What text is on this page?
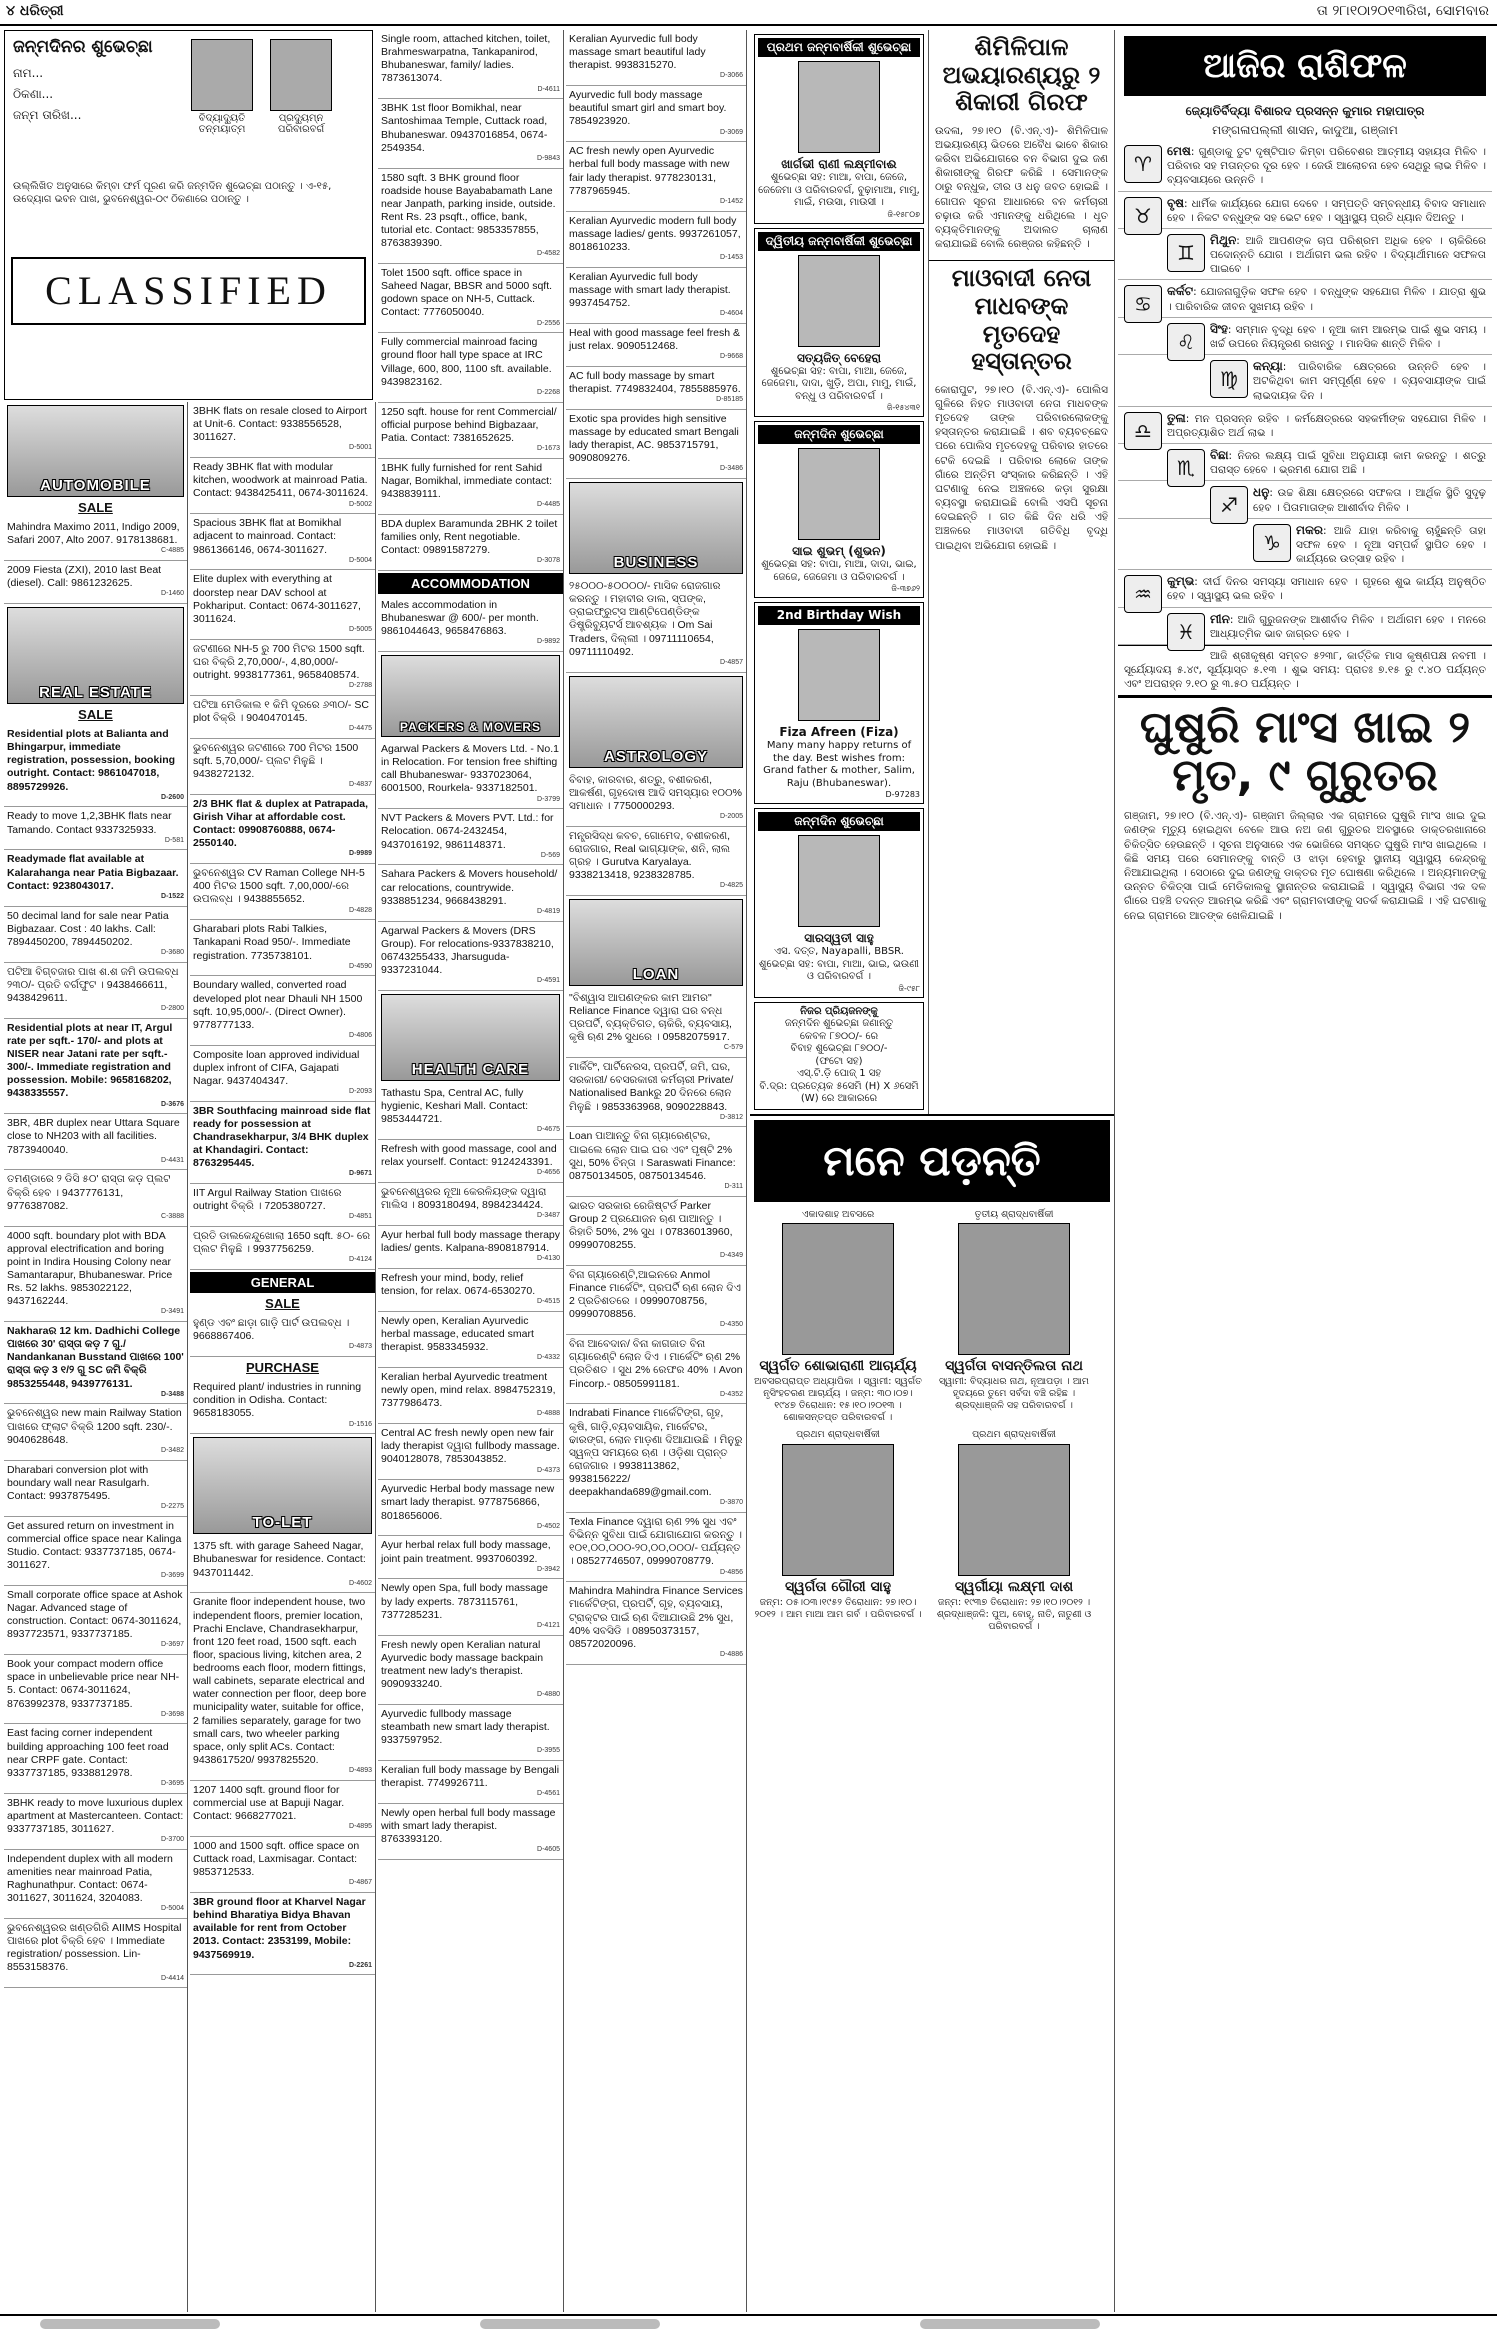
୪ ଧରିତ୍ରୀ	ତା ୨୮ା୧୦ା୨୦୧୩ରିଖ, ସୋମବାର
ଜନ୍ମଦିନର ଶୁଭେଚ୍ଛା
ନାମ...
ଠିକଣା...
ଜନ୍ମ ତାରିଖ...	ବିଦ୍ୟାଦ୍ୟୁତି
ତନ୍ମୟାତ୍ମ
ପ୍ରଦ୍ୟୁମ୍ନ
ପରିବାରବର୍ଗ
ଉଲ୍ଲିଖିତ ଅନୁସାରେ କିମ୍ବା ଫର୍ମ ପୂରଣ କରି ଜନ୍ମଦିନ ଶୁଭେଚ୍ଛା ପଠାନ୍ତୁ । ଏ-୧୫, ଉଦ୍ୟୋଗ ଭବନ ପାଖ, ଭୁବନେଶ୍ୱର-୦୯ ଠିକଣାରେ ପଠାନ୍ତୁ ।
CLASSIFIED
AUTOMOBILE
SALE
Mahindra Maximo 2011, Indigo 2009, Safari 2007, Alto 2007. 9178138681.
C-4885
2009 Fiesta (ZXI), 2010 last Beat (diesel). Call: 9861232625.
D-1460
REAL ESTATE
SALE
Residential plots at Balianta and Bhingarpur, immediate registration, possession, booking outright. Contact: 9861047018, 8895729926.
D-2600
Ready to move 1,2,3BHK flats near Tamando. Contact 9337325933.
D-581
Readymade flat available at Kalarahanga near Patia Bigbazaar. Contact: 9238043017.
D-1522
50 decimal land for sale near Patia Bigbazaar. Cost : 40 lakhs. Call: 7894450200, 7894450202.
D-3680
ପଟିଆ ବିଗ୍‌ବଜାର ପାଖ ଶ.ଶ ଜମି ଉପଲବ୍ଧ ୨୩୦/- ପ୍ରତି ବର୍ଗଫୁଟ । 9438466611, 9438429611.
D-2800
Residential plots at near IT, Argul rate per sqft.- 170/- and plots at NISER near Jatani rate per sqft.- 300/-. Immediate registration and possession. Mobile: 9658168202, 9438335557.
D-3676
3BR, 4BR duplex near Uttara Square close to NH203 with all facilities. 7873940040.
D-4431
ତମଣ୍ଡାରେ ୨ ଡିସି ୫୦' ରାସ୍ତା କଡ଼ ପ୍ଲଟ ବିକ୍ରି ହେବ । 9437776131, 9776387082.
C-3888
4000 sqft. boundary plot with BDA approval electrification and boring point in Indira Housing Colony near Samantarapur, Bhubaneswar. Price Rs. 52 lakhs. 9853022122, 9437162244.
D-3491
Nakharaର 12 km. Dadhichi College ପାଖରେ 30' ରାସ୍ତା କଡ଼ 7 ଗୁ./ Nandankanan Busstand ପାଖରେ 100' ରାସ୍ତା କଡ଼ 3 ୧/୨ ଗୁ SC ଜମି ବିକ୍ରି 9853255448, 9439776131.
D-3488
ଭୁବନେଶ୍ୱର new main Railway Station ପାଖରେ ଫ୍ଲାଟ ବିକ୍ରି 1200 sqft. 230/-. 9040628648.
D-3482
Dharabari conversion plot with boundary wall near Rasulgarh. Contact: 9937875495.
D-2275
Get assured return on investment in commercial office space near Kalinga Studio. Contact: 9337737185, 0674-3011627.
D-3699
Small corporate office space at Ashok Nagar. Advanced stage of construction. Contact: 0674-3011624, 8937723571, 9337737185.
D-3697
Book your compact modern office space in unbelievable price near NH-5. Contact: 0674-3011624, 8763992378, 9337737185.
D-3698
East facing corner independent building approaching 100 feet road near CRPF gate. Contact: 9337737185, 9338812978.
D-3695
3BHK ready to move luxurious duplex apartment at Mastercanteen. Contact: 9337737185, 3011627.
D-3700
Independent duplex with all modern amenities near mainroad Patia, Raghunathpur. Contact: 0674-3011627, 3011624, 3204083.
D-5004
ଭୁବନେଶ୍ୱରର ଖଣ୍ଡଗିରି AIIMS Hospital ପାଖରେ plot ବିକ୍ରି ହେବ । Immediate registration/ possession. Lin-8553158376.
D-4414
3BHK flats on resale closed to Airport at Unit-6. Contact: 9338556528, 3011627.
D-5001
Ready 3BHK flat with modular kitchen, woodwork at mainroad Patia. Contact: 9438425411, 0674-3011624.
D-5002
Spacious 3BHK flat at Bomikhal adjacent to mainroad. Contact: 9861366146, 0674-3011627.
D-5004
Elite duplex with everything at doorstep near DAV school at Pokhariput. Contact: 0674-3011627, 3011624.
D-5005
ଜଟଣୀରେ NH-5 ରୁ 700 ମିଟର 1500 sqft. ଘର ବିକ୍ରି 2,70,000/-, 4,80,000/- outright. 9938177361, 9658408574.
D-2788
ପଟିଆ ମେଡିକାଲ ୧ କିମି ଦୂରରେ ୬୩୦/- SC plot ବିକ୍ରି । 9040470145.
D-4475
ଭୁବନେଶ୍ୱର ଜଟଣୀରେ 700 ମିଟର 1500 sqft. 5,70,000/- ପ୍ଲଟ ମିଳୁଛି । 9438272132.
D-4837
2/3 BHK flat & duplex at Patrapada, Girish Vihar at affordable cost. Contact: 09908760888, 0674-2550140.
D-9989
ଭୁବନେଶ୍ୱର CV Raman College NH-5 400 ମିଟର 1500 sqft. 7,00,000/-ରେ ଉପଲବ୍ଧ । 9438855652.
D-4828
Gharabari plots Rabi Talkies, Tankapani Road 950/-. Immediate registration. 7735738101.
D-4590
Boundary walled, converted road developed plot near Dhauli NH 1500 sqft. 10,95,000/-. (Direct Owner). 9778777133.
D-4806
Composite loan approved individual duplex infront of CIFA, Gajapati Nagar. 9437404347.
D-2093
3BR Southfacing mainroad side flat ready for possession at Chandrasekharpur, 3/4 BHK duplex at Khandagiri. Contact: 8763295445.
D-9671
IIT Argul Railway Station ପାଖରେ outright ବିକ୍ରି । 7205380727.
D-4851
ପ୍ରତି ଡାଲକେନ୍ଦୁଖୋଲା 1650 sqft. ୫୦- ରେ ପ୍ଲଟ ମିଳୁଛି । 9937756259.
D-4124
GENERAL
SALE
ହୁଣ୍ଡ ଏବଂ ଛାଡ଼ା ଗାଡ଼ି ପାର୍ଟ ଉପଲବ୍ଧ । 9668867406.
D-4873
PURCHASE
Required plant/ industries in running condition in Odisha. Contact: 9658183055.
D-1516
TO-LET
1375 sft. with garage Saheed Nagar, Bhubaneswar for residence. Contact: 9437011442.
D-4602
Granite floor independent house, two independent floors, premier location, Prachi Enclave, Chandrasekharpur, front 120 feet road, 1500 sqft. each floor, spacious living, kitchen area, 2 bedrooms each floor, modern fittings, wall cabinets, separate electrical and water connection per floor, deep bore municipality water, suitable for office, 2 families separately, garage for two small cars, two wheeler parking space, only split ACs. Contact: 9438617520/ 9937825520.
D-4893
1207 1400 sqft. ground floor for commercial use at Bapuji Nagar. Contact: 9668277021.
D-4895
1000 and 1500 sqft. office space on Cuttack road, Laxmisagar. Contact: 9853712533.
D-4867
3BR ground floor at Kharvel Nagar behind Bharatiya Bidya Bhavan available for rent from October 2013. Contact: 2353199, Mobile: 9437569919.
D-2261
Single room, attached kitchen, toilet, Brahmeswarpatna, Tankapanirod, Bhubaneswar, family/ ladies. 7873613074.
D-4611
3BHK 1st floor Bomikhal, near Santoshimaa Temple, Cuttack road, Bhubaneswar. 09437016854, 0674-2549354.
D-9843
1580 sqft. 3 BHK ground floor roadside house Bayababamath Lane near Janpath, parking inside, outside. Rent Rs. 23 psqft., office, bank, tutorial etc. Contact: 9853357855, 8763839390.
D-4582
Tolet 1500 sqft. office space in Saheed Nagar, BBSR and 5000 sqft. godown space on NH-5, Cuttack. Contact: 7776050040.
D-2556
Fully commercial mainroad facing ground floor hall type space at IRC Village, 600, 800, 1100 sft. available. 9439823162.
D-2268
1250 sqft. house for rent Commercial/ official purpose behind Bigbazaar, Patia. Contact: 7381652625.
D-1673
1BHK fully furnished for rent Sahid Nagar, Bomikhal, immediate contact: 9438839111.
D-4485
BDA duplex Baramunda 2BHK 2 toilet families only, Rent negotiable. Contact: 09891587279.
D-3078
ACCOMMODATION
Males accommodation in Bhubaneswar @ 600/- per month. 9861044643, 9658476863.
D-9892
PACKERS & MOVERS
Agarwal Packers & Movers Ltd. - No.1 in Relocation. For tension free shifting call Bhubaneswar- 9337023064, 6001500, Rourkela- 9337182501.
D-3799
NVT Packers & Movers PVT. Ltd.: for Relocation. 0674-2432454, 9437016192, 9861148371.
D-569
Sahara Packers & Movers household/ car relocations, countrywide. 9338851234, 9668438291.
D-4819
Agarwal Packers & Movers (DRS Group). For relocations-9337838210, 06743255433, Jharsuguda- 9337231044.
D-4591
HEALTH CARE
Tathastu Spa, Central AC, fully hygienic, Keshari Mall. Contact: 9853444721.
D-4675
Refresh with good massage, cool and relax yourself. Contact: 9124243391.
D-4656
ଭୁବନେଶ୍ୱରର ନୂଆ କେରଳିୟଙ୍କ ଦ୍ୱାରା ମାଲିସ । 8093180494, 8984234424.
D-3487
Ayur herbal full body massage therapy ladies/ gents. Kalpana-8908187914.
D-4130
Refresh your mind, body, relief tension, for relax. 0674-6530270.
D-4515
Newly open, Keralian Ayurvedic herbal massage, educated smart therapist. 9583345932.
D-4332
Keralian herbal Ayurvedic treatment newly open, mind relax. 8984752319, 7377986473.
D-4888
Central AC fresh newly open new fair lady therapist ଦ୍ୱାରା fullbody massage. 9040128078, 7853043852.
D-4373
Ayurvedic Herbal body massage new smart lady therapist. 9778756866, 8018656006.
D-4502
Ayur herbal relax full body massage, joint pain treatment. 9937060392.
D-3942
Newly open Spa, full body massage by lady experts. 7873115761, 7377285231.
D-4121
Fresh newly open Keralian natural Ayurvedic body massage backpain treatment new lady's therapist. 9090933240.
D-4880
Ayurvedic fullbody massage steambath new smart lady therapist. 9337597952.
D-3955
Keralian full body massage by Bengali therapist. 7749926711.
D-4561
Newly open herbal full body massage with smart lady therapist. 8763393120.
D-4605
Keralian Ayurvedic full body massage smart beautiful lady therapist. 9938315270.
D-3066
Ayurvedic full body massage beautiful smart girl and smart boy. 7854923920.
D-3069
AC fresh newly open Ayurvedic herbal full body massage with new fair lady therapist. 9778230131, 7787965945.
D-1452
Keralian Ayurvedic modern full body massage ladies/ gents. 9937261057, 8018610233.
D-1453
Keralian Ayurvedic full body massage with smart lady therapist. 9937454752.
D-4604
Heal with good massage feel fresh & just relax. 9090512468.
D-9668
AC full body massage by smart therapist. 7749832404, 7855885976.
D-85185
Exotic spa provides high sensitive massage by educated smart Bengali lady therapist, AC. 9853715791, 9090809276.
D-3486
BUSINESS
୨୫୦୦୦-୫୦୦୦୦/- ମାସିକ ରୋଜଗାର କରନ୍ତୁ । ମହାବୀର ଡାଲ, ସ୍ପଙ୍କ, ଡ୍ରାଇଫ୍ରୁଟ୍ସ ଆଣ୍ଟିପେଣ୍ଡିଙ୍କ ଡିଷ୍ଟ୍ରିବ୍ୟୁଟର୍ସ ଆବଶ୍ୟକ । Om Sai Traders, ଦିଲ୍ଲୀ । 09711110654, 09711110492.
D-4857
ASTROLOGY
ବିବାହ, କାରବାର, ଶତ୍ରୁ, ବଶୀକରଣ, ଆକର୍ଷଣ, ଗୃହଦୋଷ ଆଦି ସମସ୍ୟାର ୧୦୦% ସମାଧାନ । 7750000293.
D-2005
ମନ୍ତ୍ରସିଦ୍ଧ କବଚ, ଗୋମେଦ, ବଶୀକରଣ, ରୋଜଗାର, Real ଭାଗ୍ୟାଙ୍କ, ଶନି, ଲାଲ ଗ୍ରହ । Gurutva Karyalaya. 9338213418, 9238328785.
D-4825
LOAN
"ବିଶ୍ୱାସ ଆପଣଙ୍କର କାମ ଆମର" Reliance Finance ଦ୍ୱାରା ଘର ବନ୍ଧ ପ୍ରପର୍ଟି, ବ୍ୟକ୍ତିଗତ, ଚାକିରି, ବ୍ୟବସାୟ, କୃଷି ଋଣ 2% ସୁଧରେ । 09582075917.
C-579
ମାର୍କିଟିଂ, ପାର୍ଟିନେରସ, ପ୍ରପର୍ଟି, ଜମି, ଘର, ସରକାରୀ/ ବେସରକାରୀ କର୍ମଚାରୀ Private/ Nationalised Bankରୁ 20 ଦିନରେ ଲୋନ ମିଳୁଛି । 9853363968, 9090228843.
D-3812
Loan ପାଆନ୍ତୁ ବିନା ଗ୍ୟାରେଣ୍ଟର, ପାଇଲେ ଲୋନ ପାଇ ଘର ଏବଂ ପୃଷ୍ଟି 2% ସୁଧ, 50% ଚିନ୍ତା । Saraswati Finance: 08750134505, 08750134546.
D-311
ଭାରତ ସରକାର ରେଜିଷ୍ଟର୍ଡ Parker Group 2 ପ୍ରଯୋଜନ ଋଣ ପାଆନ୍ତୁ । ରିହାତି 50%, 2% ସୁଧ । 07836013960, 09990708255.
D-4349
ବିନା ଗ୍ୟାରେଣ୍ଟି,ଆଇନରେ Anmol Finance ମାର୍କେଟିଂ, ପ୍ରପର୍ଟି ଋଣ ଲୋନ ଦିଏ 2 ପ୍ରତିଶତରେ । 09990708756, 09990708856.
D-4350
ବିନା ଆବେଦାନ/ ବିନା କାଗଜାତ ବିନା ଗ୍ୟାରେଣ୍ଟି ଲୋନ ଦିଏ । ମାର୍କେଟିଂ ଋଣ 2% ପ୍ରତିଶତ । ସୁଧ 2% ରେଫର 40% । Avon Fincorp.- 08505991181.
D-4352
Indrabati Finance ମାର୍କେଟିଙ୍ଗ, ଗୃହ, କୃଷି, ଗାଡ଼ି,ବ୍ୟବସାୟିକ, ମାର୍କେଟର, ଢାରଙ୍ଗ, ଲୋନ ମାଡ଼ଣା ଦିଆଯାଉଛି । ମିନୁରୁ ସ୍ୱଳ୍ପ ସମୟରେ ଋଣ । ଓଡ଼ିଶା ପ୍ରାନ୍ତ ରୋଜଗାର । 9938113862, 9938156222/ deepakhanda689@gmail.com.
D-3870
Texla Finance ଦ୍ୱାରା ଋଣ ୨% ସୁଧ ଏବଂ ବିଭିନ୍ନ ସୁବିଧା ପାଇଁ ଯୋଗାଯୋଗ କରନ୍ତୁ । ୧୦୧,୦୦,୦୦୦-୨୦,୦୦,୦୦୦/- ପର୍ଯ୍ୟନ୍ତ । 08527746507, 09990708779.
D-4856
Mahindra Mahindra Finance Services ମାର୍କେଟିଙ୍ଗ, ପ୍ରପର୍ଟି, ଗୃହ, ବ୍ୟବସାୟ, ଟ୍ରାକ୍ଟର ପାଇଁ ଋଣ ଦିଆଯାଉଛି 2% ସୁଧ, 40% ସବସିଡି । 08950373157, 08572020096.
D-4886
ପ୍ରଥମ ଜନ୍ମବାର୍ଷିକୀ ଶୁଭେଚ୍ଛା
ଖାର୍ଗଭୀ ରାଣୀ ଲକ୍ଷ୍ମୀବାଈ
ଶୁଭେଚ୍ଛା ସହ: ମାଆ, ବାପା, ଜେଜେ, ଜେଜେମା ଓ ପରିବାରବର୍ଗ, ବୁଢ଼ାମାଆ, ମାମୁ, ମାଇଁ, ମଉସା, ମାଉସୀ ।
ଜି-୧୫୮୦୭
ଦ୍ୱିତୀୟ ଜନ୍ମବାର୍ଷିକୀ ଶୁଭେଚ୍ଛା
ସତ୍ୟଜିତ୍ ବେହେରା
ଶୁଭେଚ୍ଛା ସହ: ବାପା, ମାଆ, ଜେଜେ, ଜେଜେମା, ଦାଦା, ଖୁଡ଼ି, ଅପା, ମାମୁ, ମାଇଁ, ବନ୍ଧୁ ଓ ପରିବାରବର୍ଗ ।
ଜି-୧୫୪୩୧
ଜନ୍ମଦିନ ଶୁଭେଚ୍ଛା
ସାଇ ଶୁଭମ୍ (ଶୁଭନ)
ଶୁଭେଚ୍ଛା ସହ: ବାପା, ମାଆ, ଦାଦା, ଭାଇ, ଜେଜେ, ଜେଜେମା ଓ ପରିବାରବର୍ଗ ।
ଜି-୩୭୬୨
2nd Birthday Wish
Fiza Afreen (Fiza)
Many many happy returns of the day. Best wishes from: Grand father & mother, Salim, Raju (Bhubaneswar).
D-97283
ଜନ୍ମଦିନ ଶୁଭେଚ୍ଛା
ସାରସ୍ୱତୀ ସାହୁ
ଏସ. ଦତ୍ତ, Nayapalli, BBSR. ଶୁଭେଚ୍ଛା ସହ: ବାପା, ମାଆ, ଭାଇ, ଭଉଣୀ ଓ ପରିବାରବର୍ଗ ।
ଜି-୯୫୮
ନିଜର ପ୍ରିୟଜନଙ୍କୁ
ଜନ୍ମଦିନ ଶୁଭେଚ୍ଛା ଜଣାନ୍ତୁ
କେବଳ ୮୭୦୦/- ରେ
ବିବାହ ଶୁଭେଚ୍ଛା ୮୭୦୦/-
(ଫଟୋ ସହ)
ଏସ୍.ଟି.ଡ଼ି ପୋଜ୍ 1 ସହ
ବି.ଦ୍ର: ପ୍ରତ୍ୟେକ ୫ସେମି (H) X ୬ସେମି (W) ରେ ଆକାରରେ
ଶିମିଳିପାଳ ଅଭୟାରଣ୍ୟରୁ ୨ ଶିକାରୀ ଗିରଫ
ଉଦଳା, ୨୭।୧୦ (ବି.ଏନ୍.ଏ)- ଶିମିଳିପାଳ ଅଭୟାରଣ୍ୟ ଭିତରେ ଅବୈଧ ଭାବେ ଶିକାର କରିବା ଅଭିଯୋଗରେ ବନ ବିଭାଗ ଦୁଇ ଜଣ ଶିକାରୀଙ୍କୁ ଗିରଫ କରିଛି । ସେମାନଙ୍କ ଠାରୁ ବନ୍ଧୁକ, ତୀର ଓ ଧନୁ ଜବତ ହୋଇଛି । ଗୋପନ ସୂଚନା ଆଧାରରେ ବନ କର୍ମଚାରୀ ଚଢ଼ାଉ କରି ଏମାନଙ୍କୁ ଧରିଥିଲେ । ଧୃତ ବ୍ୟକ୍ତିମାନଙ୍କୁ ଅଦାଲତ ଚାଲାଣ କରାଯାଇଛି ବୋଲି ରେଞ୍ଜର କହିଛନ୍ତି ।
ମାଓବାଦୀ ନେତା ମାଧବଙ୍କ ମୃତଦେହ ହସ୍ତାନ୍ତର
କୋରାପୁଟ, ୨୭।୧୦ (ବି.ଏନ୍.ଏ)- ପୋଲିସ ଗୁଳିରେ ନିହତ ମାଓବାଦୀ ନେତା ମାଧବଙ୍କ ମୃତଦେହ ତାଙ୍କ ପରିବାରଲୋକଙ୍କୁ ହସ୍ତାନ୍ତର କରାଯାଇଛି । ଶବ ବ୍ୟବଚ୍ଛେଦ ପରେ ପୋଲିସ ମୃତଦେହକୁ ପରିବାର ହାତରେ ଟେକି ଦେଇଛି । ପରିବାର ଲୋକେ ତାଙ୍କ ଗାଁରେ ଅନ୍ତିମ ସଂସ୍କାର କରିଛନ୍ତି । ଏହି ଘଟଣାକୁ ନେଇ ଅଞ୍ଚଳରେ କଡ଼ା ସୁରକ୍ଷା ବ୍ୟବସ୍ଥା କରାଯାଇଛି ବୋଲି ଏସପି ସୂଚନା ଦେଇଛନ୍ତି । ଗତ କିଛି ଦିନ ଧରି ଏହି ଅଞ୍ଚଳରେ ମାଓବାଦୀ ଗତିବିଧି ବୃଦ୍ଧି ପାଇଥିବା ଅଭିଯୋଗ ହୋଇଛି ।
ମନେ ପଡ଼ନ୍ତି
ଏକାଦଶାହ ଅବସରେ
ସ୍ୱର୍ଗତ ଶୋଭାରାଣୀ ଆଚାର୍ଯ୍ୟ
ଅବସରପ୍ରାପ୍ତ ଅଧ୍ୟାପିକା । ସ୍ୱାମୀ: ସ୍ୱର୍ଗତ ନୃସିଂହଚରଣ ଆଚାର୍ଯ୍ୟ । ଜନ୍ମ: ୩୦।୦୭।୧୯୪୭ ତିରୋଧାନ: ୧୫।୧୦।୨୦୧୩ । ଶୋକସନ୍ତପ୍ତ ପରିବାରବର୍ଗ ।
ତୃତୀୟ ଶ୍ରାଦ୍ଧବାର୍ଷିକୀ
ସ୍ୱର୍ଗତା ବାସନ୍ତିଲତା ନାଥ
ସ୍ୱାମୀ: ବିଦ୍ୟାଧର ନାଥ, ନୂଆପଡ଼ା । ଆମ ହୃଦୟରେ ତୁମେ ସର୍ବଦା ବଞ୍ଚି ରହିଛ । ଶ୍ରଦ୍ଧାଞ୍ଜଳି ସହ ପରିବାରବର୍ଗ ।
ପ୍ରଥମ ଶ୍ରାଦ୍ଧବାର୍ଷିକୀ
ସ୍ୱର୍ଗତା ଗୌରୀ ସାହୁ
ଜନ୍ମ: ୦୫।୦୩।୧୯୫୨ ତିରୋଧାନ: ୨୭।୧୦।୨୦୧୨ । ଆମ ମାଆ ଆମ ଗର୍ବ । ପରିବାରବର୍ଗ ।
ପ୍ରଥମ ଶ୍ରାଦ୍ଧବାର୍ଷିକୀ
ସ୍ୱର୍ଗୀୟା ଲକ୍ଷ୍ମୀ ଦାଶ
ଜନ୍ମ: ୧୯୩୭ ତିରୋଧାନ: ୨୭।୧୦।୨୦୧୨ । ଶ୍ରଦ୍ଧାଞ୍ଜଳି: ପୁଅ, ବୋହୂ, ନାତି, ନାତୁଣୀ ଓ ପରିବାରବର୍ଗ ।
ଆଜିର ରାଶିଫଳ
ଜ୍ୟୋତିର୍ବିଦ୍ୟା ବିଶାରଦ ପ୍ରସନ୍ନ କୁମାର ମହାପାତ୍ର
ମଙ୍ଗଳାପଲ୍ଲୀ ଶାସନ, କାଦୁଆ, ଗଞ୍ଜାମ
♈
ମେଷ: ଗୁଣ୍ଡାକୁ ତୁଟ ଦୃଷ୍ଟିପାତ କିମ୍ବା ପରିବେଶର ଆତ୍ମୀୟ ସହାୟତା ମିଳିବ । ପରିବାର ସହ ମତାନ୍ତର ଦୂର ହେବ । ଜେଉଁ ଆଲୋଚନା ହେବ ସେଥିରୁ ଲାଭ ମିଳିବ । ବ୍ୟବସାୟରେ ଉନ୍ନତି ।
♉
ବୃଷ: ଧାର୍ମିକ କାର୍ଯ୍ୟରେ ଯୋଗ ଦେବେ । ସମ୍ପତ୍ତି ସମ୍ବନ୍ଧୀୟ ବିବାଦ ସମାଧାନ ହେବ । ନିକଟ ବନ୍ଧୁଙ୍କ ସହ ଭେଟ ହେବ । ସ୍ୱାସ୍ଥ୍ୟ ପ୍ରତି ଧ୍ୟାନ ଦିଅନ୍ତୁ ।
♊
ମିଥୁନ: ଆଜି ଆପଣଙ୍କ ଚାପ ପରିଶ୍ରମ ଅଧିକ ହେବ । ଚାକିରିରେ ପଦୋନ୍ନତି ଯୋଗ । ଅର୍ଥାଗମ ଭଲ ରହିବ । ବିଦ୍ୟାର୍ଥୀମାନେ ସଫଳତା ପାଇବେ ।
♋
କର୍କଟ: ଯୋଜନାଗୁଡ଼ିକ ସଫଳ ହେବ । ବନ୍ଧୁଙ୍କ ସହଯୋଗ ମିଳିବ । ଯାତ୍ରା ଶୁଭ । ପାରିବାରିକ ଜୀବନ ସୁଖମୟ ରହିବ ।
♌
ସିଂହ: ସମ୍ମାନ ବୃଦ୍ଧି ହେବ । ନୂଆ କାମ ଆରମ୍ଭ ପାଇଁ ଶୁଭ ସମୟ । ଖର୍ଚ୍ଚ ଉପରେ ନିୟନ୍ତ୍ରଣ ରଖନ୍ତୁ । ମାନସିକ ଶାନ୍ତି ମିଳିବ ।
♍
କନ୍ୟା: ପାରିବାରିକ କ୍ଷେତ୍ରରେ ଉନ୍ନତି ହେବ । ଅଟକିଥିବା କାମ ସମ୍ପୂର୍ଣ୍ଣ ହେବ । ବ୍ୟବସାୟୀଙ୍କ ପାଇଁ ଲାଭଦାୟକ ଦିନ ।
♎
ତୁଳା: ମନ ପ୍ରସନ୍ନ ରହିବ । କର୍ମକ୍ଷେତ୍ରରେ ସହକର୍ମୀଙ୍କ ସହଯୋଗ ମିଳିବ । ଅପ୍ରତ୍ୟାଶିତ ଅର୍ଥ ଲାଭ ।
♏
ବିଛା: ନିଜର ଲକ୍ଷ୍ୟ ପାଇଁ ସୁବିଧା ଅନୁଯାୟୀ କାମ କରନ୍ତୁ । ଶତ୍ରୁ ପରାସ୍ତ ହେବେ । ଭ୍ରମଣ ଯୋଗ ଅଛି ।
♐
ଧନୁ: ଉଚ୍ଚ ଶିକ୍ଷା କ୍ଷେତ୍ରରେ ସଫଳତା । ଆର୍ଥିକ ସ୍ଥିତି ସୁଦୃଢ଼ ହେବ । ପିତାମାତାଙ୍କ ଆଶୀର୍ବାଦ ମିଳିବ ।
♑
ମକର: ଆଜି ଯାହା କରିବାକୁ ଚାହୁଁଛନ୍ତି ତାହା ସଫଳ ହେବ । ନୂଆ ସମ୍ପର୍କ ସ୍ଥାପିତ ହେବ । କାର୍ଯ୍ୟରେ ଉତ୍ସାହ ରହିବ ।
♒
କୁମ୍ଭ: ଦୀର୍ଘ ଦିନର ସମସ୍ୟା ସମାଧାନ ହେବ । ଗୃହରେ ଶୁଭ କାର୍ଯ୍ୟ ଅନୁଷ୍ଠିତ ହେବ । ସ୍ୱାସ୍ଥ୍ୟ ଭଲ ରହିବ ।
♓
ମୀନ: ଆଜି ଗୁରୁଜନଙ୍କ ଆଶୀର୍ବାଦ ମିଳିବ । ଅର୍ଥାଗମ ହେବ । ମନରେ ଆଧ୍ୟାତ୍ମିକ ଭାବ ଜାଗ୍ରତ ହେବ ।
ଆଜି ଶ୍ରୀକୃଷ୍ଣ ସମ୍ବତ ୫୨୩୮, କାର୍ତ୍ତିକ ମାସ କୃଷ୍ଣପକ୍ଷ ନବମୀ । ସୂର୍ଯ୍ୟୋଦୟ ୫.୪୯, ସୂର୍ଯ୍ୟାସ୍ତ ୫.୧୩ । ଶୁଭ ସମୟ: ପ୍ରାତଃ ୭.୧୫ ରୁ ୯.୪୦ ପର୍ଯ୍ୟନ୍ତ ଏବଂ ଅପରାହ୍ନ ୨.୧୦ ରୁ ୩.୫୦ ପର୍ଯ୍ୟନ୍ତ ।
ଘୁଷୁରି ମାଂସ ଖାଇ ୨ ମୃତ, ୯ ଗୁରୁତର
ଗଞ୍ଜାମ, ୨୭।୧୦ (ବି.ଏନ୍.ଏ)- ଗଞ୍ଜାମ ଜିଲ୍ଲାର ଏକ ଗ୍ରାମରେ ଘୁଷୁରି ମାଂସ ଖାଇ ଦୁଇ ଜଣଙ୍କ ମୃତ୍ୟୁ ହୋଇଥିବା ବେଳେ ଆଉ ନଅ ଜଣ ଗୁରୁତର ଅବସ୍ଥାରେ ଡାକ୍ତରଖାନାରେ ଚିକିତ୍ସିତ ହେଉଛନ୍ତି । ସୂଚନା ଅନୁସାରେ ଏକ ଭୋଜିରେ ସମସ୍ତେ ଘୁଷୁରି ମାଂସ ଖାଇଥିଲେ । କିଛି ସମୟ ପରେ ସେମାନଙ୍କୁ ବାନ୍ତି ଓ ଝାଡ଼ା ହେବାରୁ ସ୍ଥାନୀୟ ସ୍ୱାସ୍ଥ୍ୟ କେନ୍ଦ୍ରକୁ ନିଆଯାଇଥିଲା । ସେଠାରେ ଦୁଇ ଜଣଙ୍କୁ ଡାକ୍ତର ମୃତ ଘୋଷଣା କରିଥିଲେ । ଅନ୍ୟମାନଙ୍କୁ ଉନ୍ନତ ଚିକିତ୍ସା ପାଇଁ ମେଡିକାଲକୁ ସ୍ଥାନାନ୍ତର କରାଯାଇଛି । ସ୍ୱାସ୍ଥ୍ୟ ବିଭାଗ ଏକ ଦଳ ଗାଁରେ ପହଞ୍ଚି ତଦନ୍ତ ଆରମ୍ଭ କରିଛି ଏବଂ ଗ୍ରାମବାସୀଙ୍କୁ ସତର୍କ କରାଯାଇଛି । ଏହି ଘଟଣାକୁ ନେଇ ଗ୍ରାମରେ ଆତଙ୍କ ଖେଳିଯାଇଛି ।
